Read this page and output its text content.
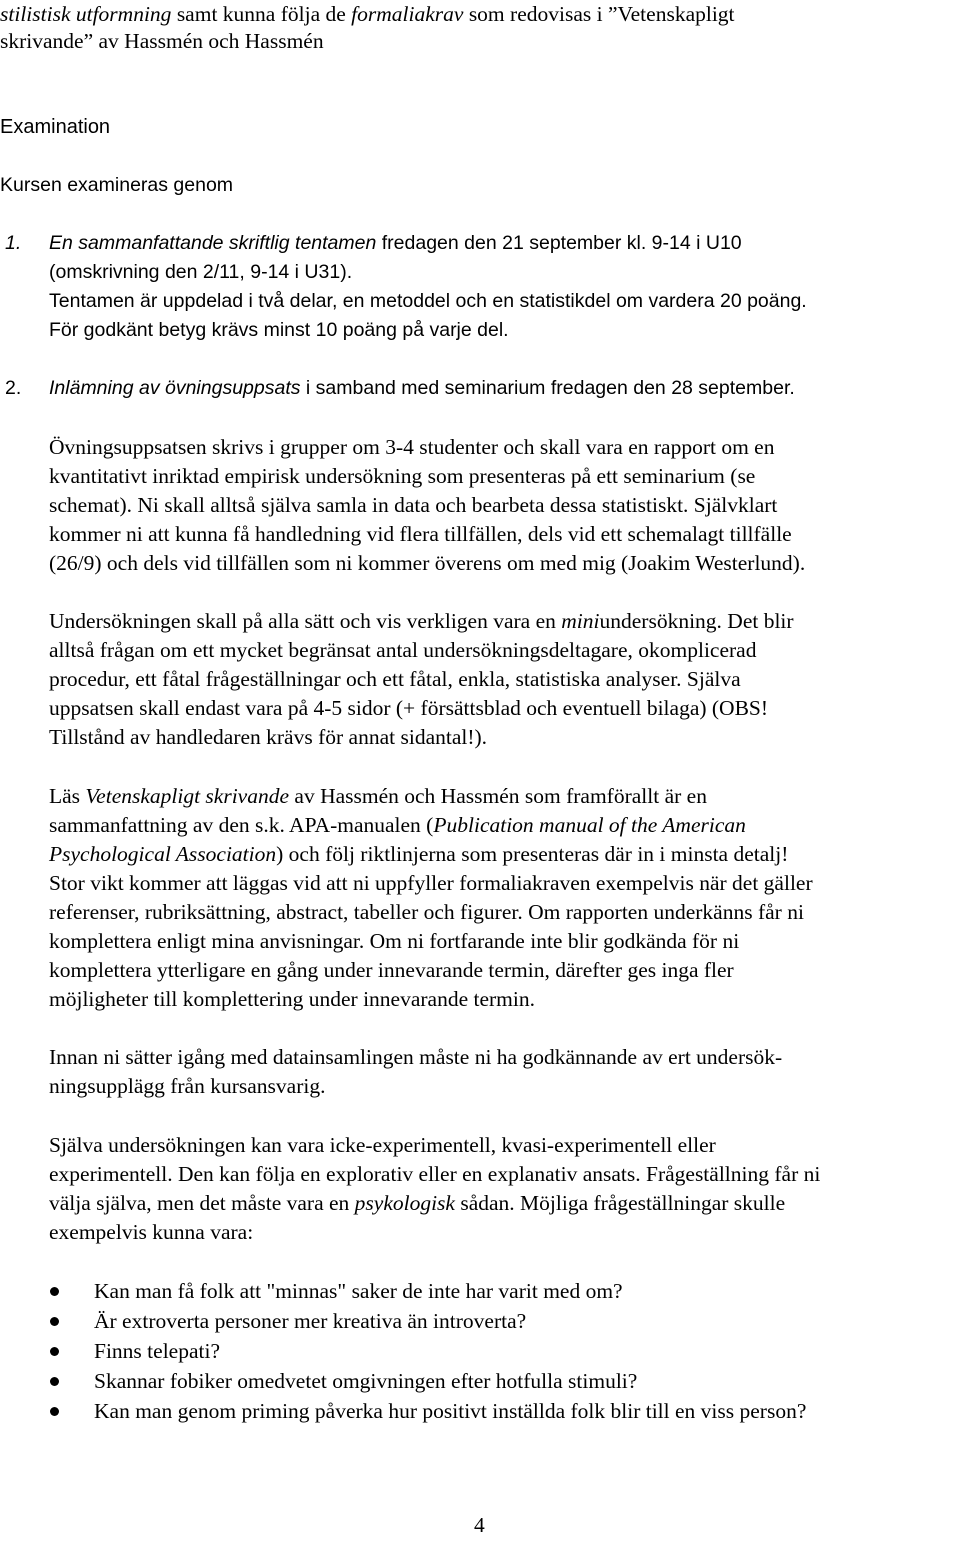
stilistisk utformning samt kunna följa de formaliakrav som redovisas i ”Vetenskapligt
skrivande” av Hassmén och Hassmén
Examination
Kursen examineras genom
1. En sammanfattande skriftlig tentamen fredagen den 21 september kl. 9-14 i U10
(omskrivning den 2/11, 9-14 i U31).
Tentamen är uppdelad i två delar, en metoddel och en statistikdel om vardera 20 poäng.
För godkänt betyg krävs minst 10 poäng på varje del.
2. Inlämning av övningsuppsats i samband med seminarium fredagen den 28 september.
Övningsuppsatsen skrivs i grupper om 3-4 studenter och skall vara en rapport om en
kvantitativt inriktad empirisk undersökning som presenteras på ett seminarium (se
schemat). Ni skall alltså själva samla in data och bearbeta dessa statistiskt. Självklart
kommer ni att kunna få handledning vid flera tillfällen, dels vid ett schemalagt tillfälle
(26/9) och dels vid tillfällen som ni kommer överens om med mig (Joakim Westerlund).
Undersökningen skall på alla sätt och vis verkligen vara en miniundersökning. Det blir
alltså frågan om ett mycket begränsat antal undersökningsdeltagare, okomplicerad
procedur, ett fåtal frågeställningar och ett fåtal, enkla, statistiska analyser. Själva
uppsatsen skall endast vara på 4-5 sidor (+ försättsblad och eventuell bilaga) (OBS!
Tillstånd av handledaren krävs för annat sidantal!).
Läs Vetenskapligt skrivande av Hassmén och Hassmén som framförallt är en
sammanfattning av den s.k. APA-manualen (Publication manual of the American
Psychological Association) och följ riktlinjerna som presenteras där in i minsta detalj!
Stor vikt kommer att läggas vid att ni uppfyller formaliakraven exempelvis när det gäller
referenser, rubriksättning, abstract, tabeller och figurer. Om rapporten underkänns får ni
komplettera enligt mina anvisningar. Om ni fortfarande inte blir godkända för ni
komplettera ytterligare en gång under innevarande termin, därefter ges inga fler
möjligheter till komplettering under innevarande termin.
Innan ni sätter igång med datainsamlingen måste ni ha godkännande av ert undersök-
ningsupplägg från kursansvarig.
Själva undersökningen kan vara icke-experimentell, kvasi-experimentell eller
experimentell. Den kan följa en explorativ eller en explanativ ansats. Frågeställning får ni
välja själva, men det måste vara en psykologisk sådan. Möjliga frågeställningar skulle
exempelvis kunna vara:
Kan man få folk att "minnas" saker de inte har varit med om?
Är extroverta personer mer kreativa än introverta?
Finns telepati?
Skannar fobiker omedvetet omgivningen efter hotfulla stimuli?
Kan man genom priming påverka hur positivt inställda folk blir till en viss person?
4
